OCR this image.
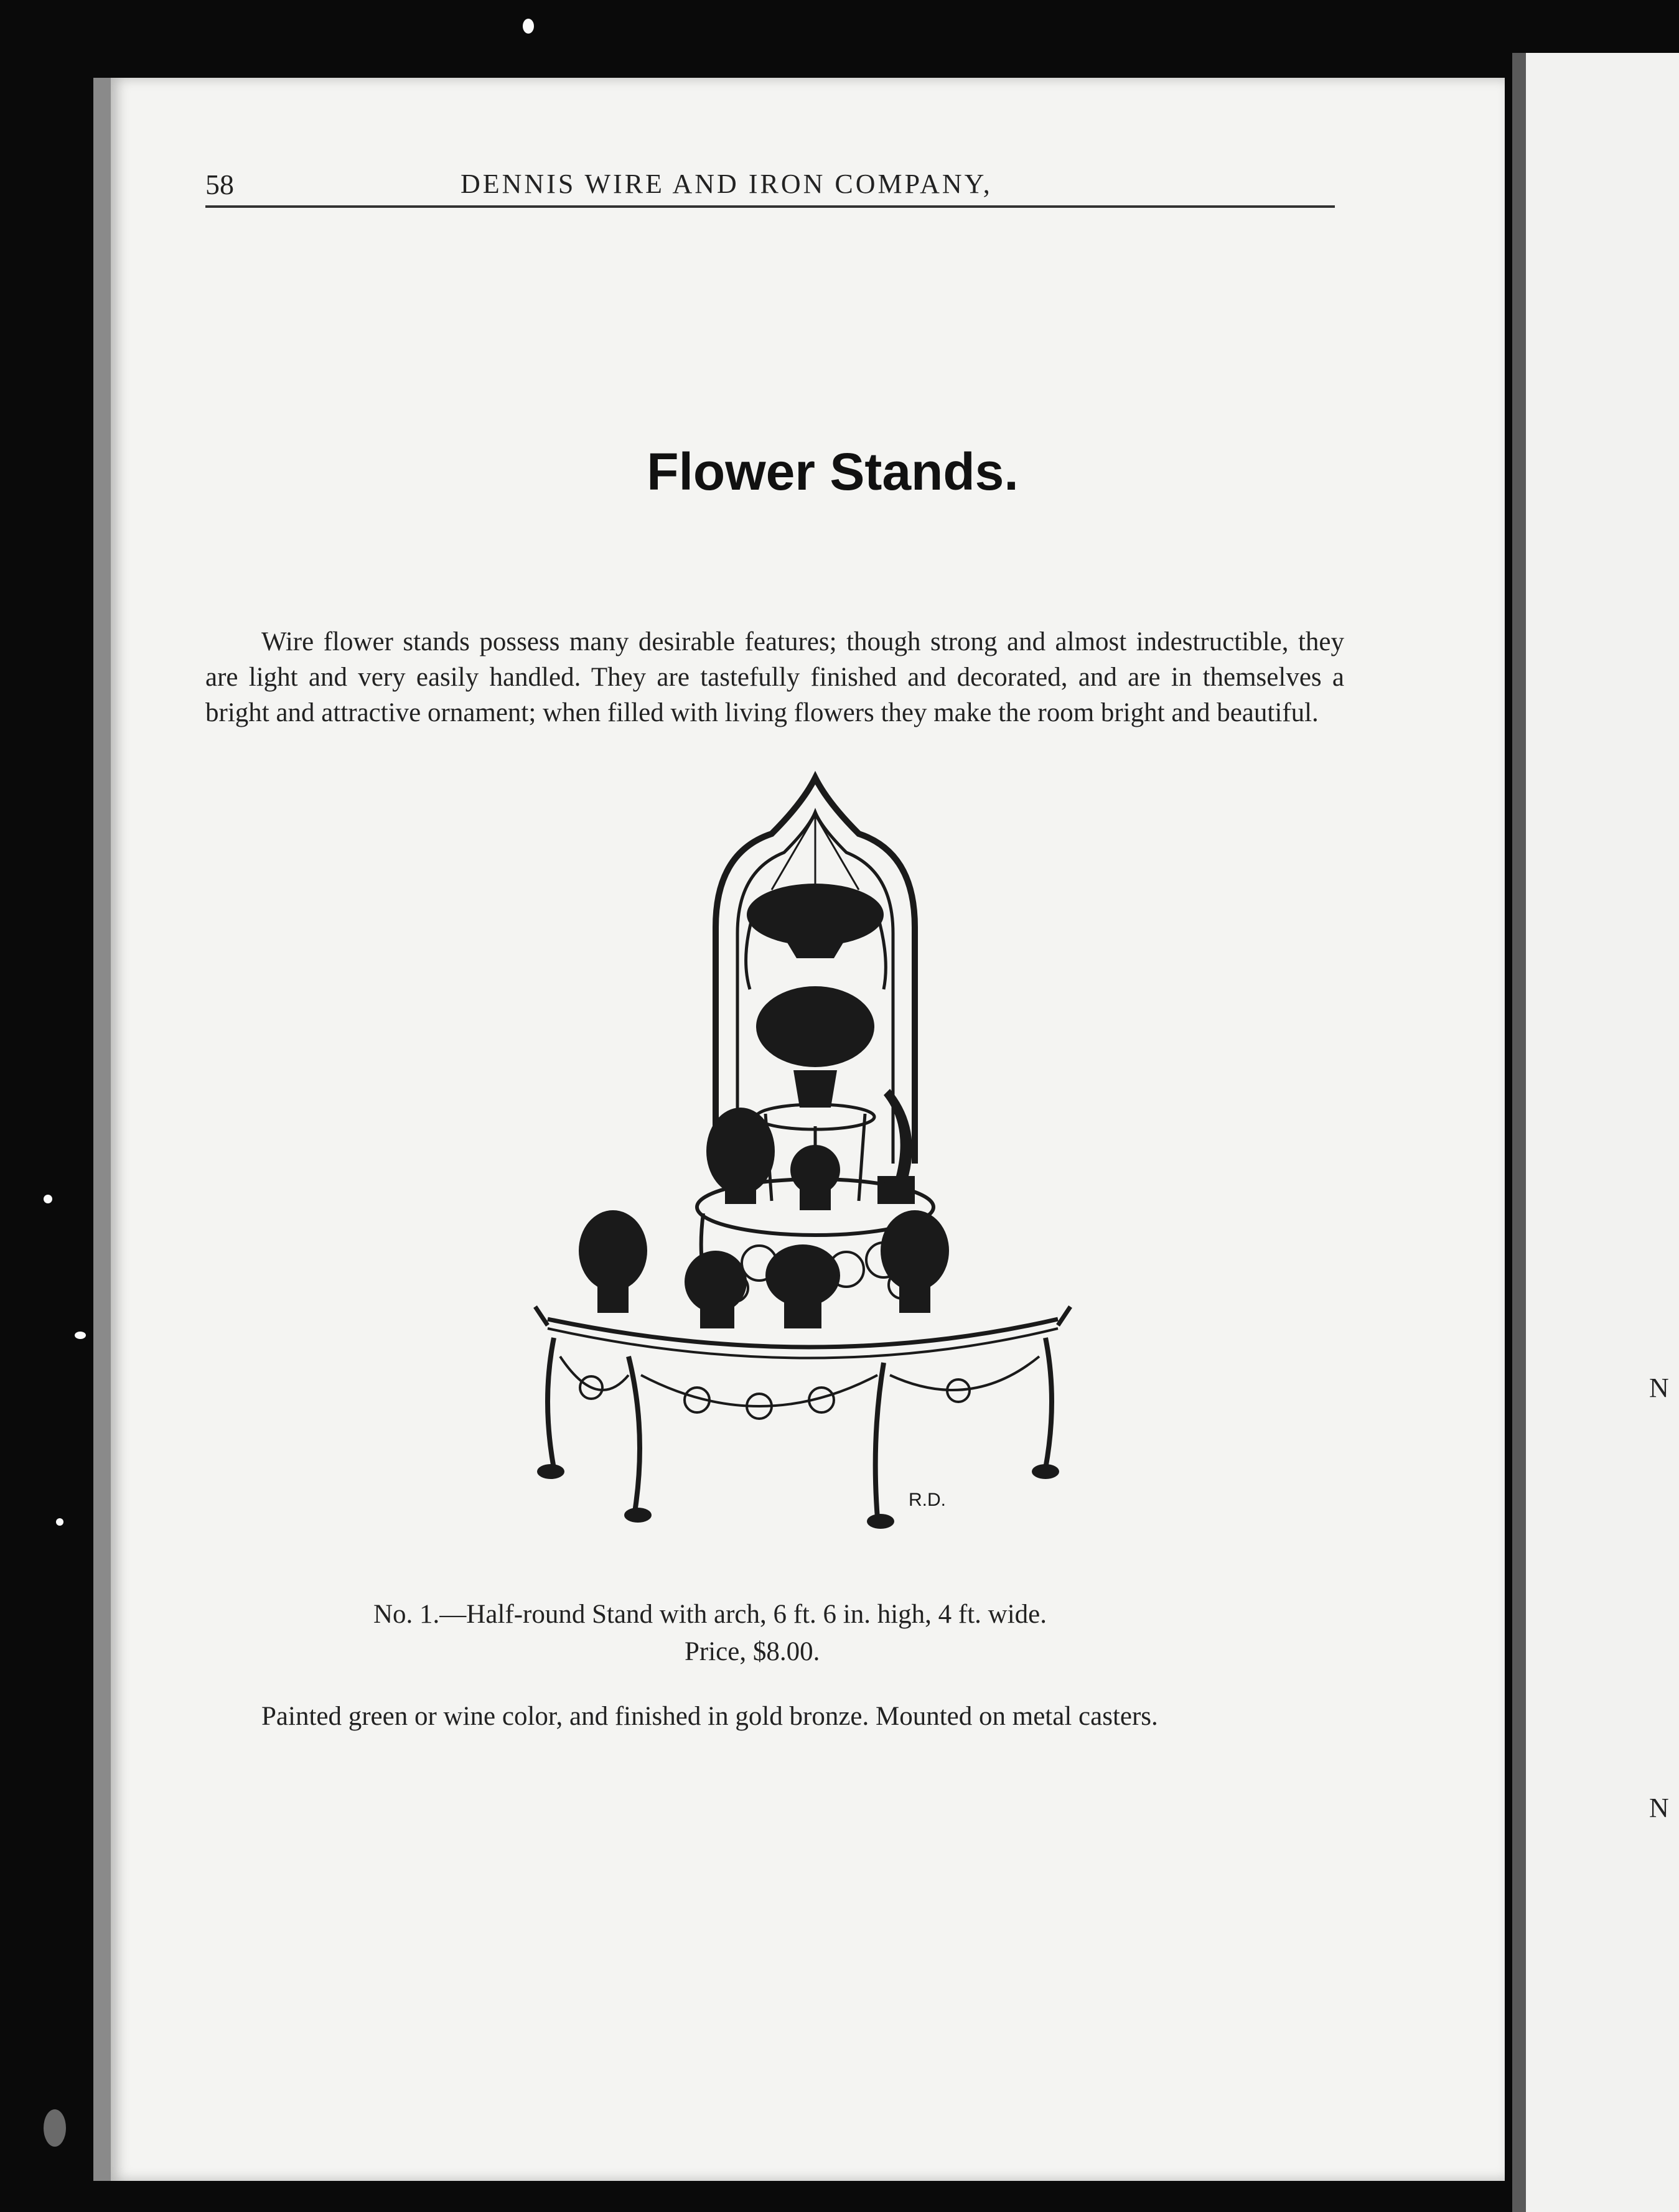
N
N
58	DENNIS WIRE AND IRON COMPANY,
Flower Stands.

Wire flower stands possess many desirable features; though strong and almost indestructible, they are light and very easily handled. They are tastefully finished and decorated, and are in themselves a bright and attractive ornament; when filled with living flowers they make the room bright and beautiful.

R.D.
No. 1.—Half-round Stand with arch, 6 ft. 6 in. high, 4 ft. wide.
Price, $8.00.

Painted green or wine color, and finished in gold bronze. Mounted on metal casters.
